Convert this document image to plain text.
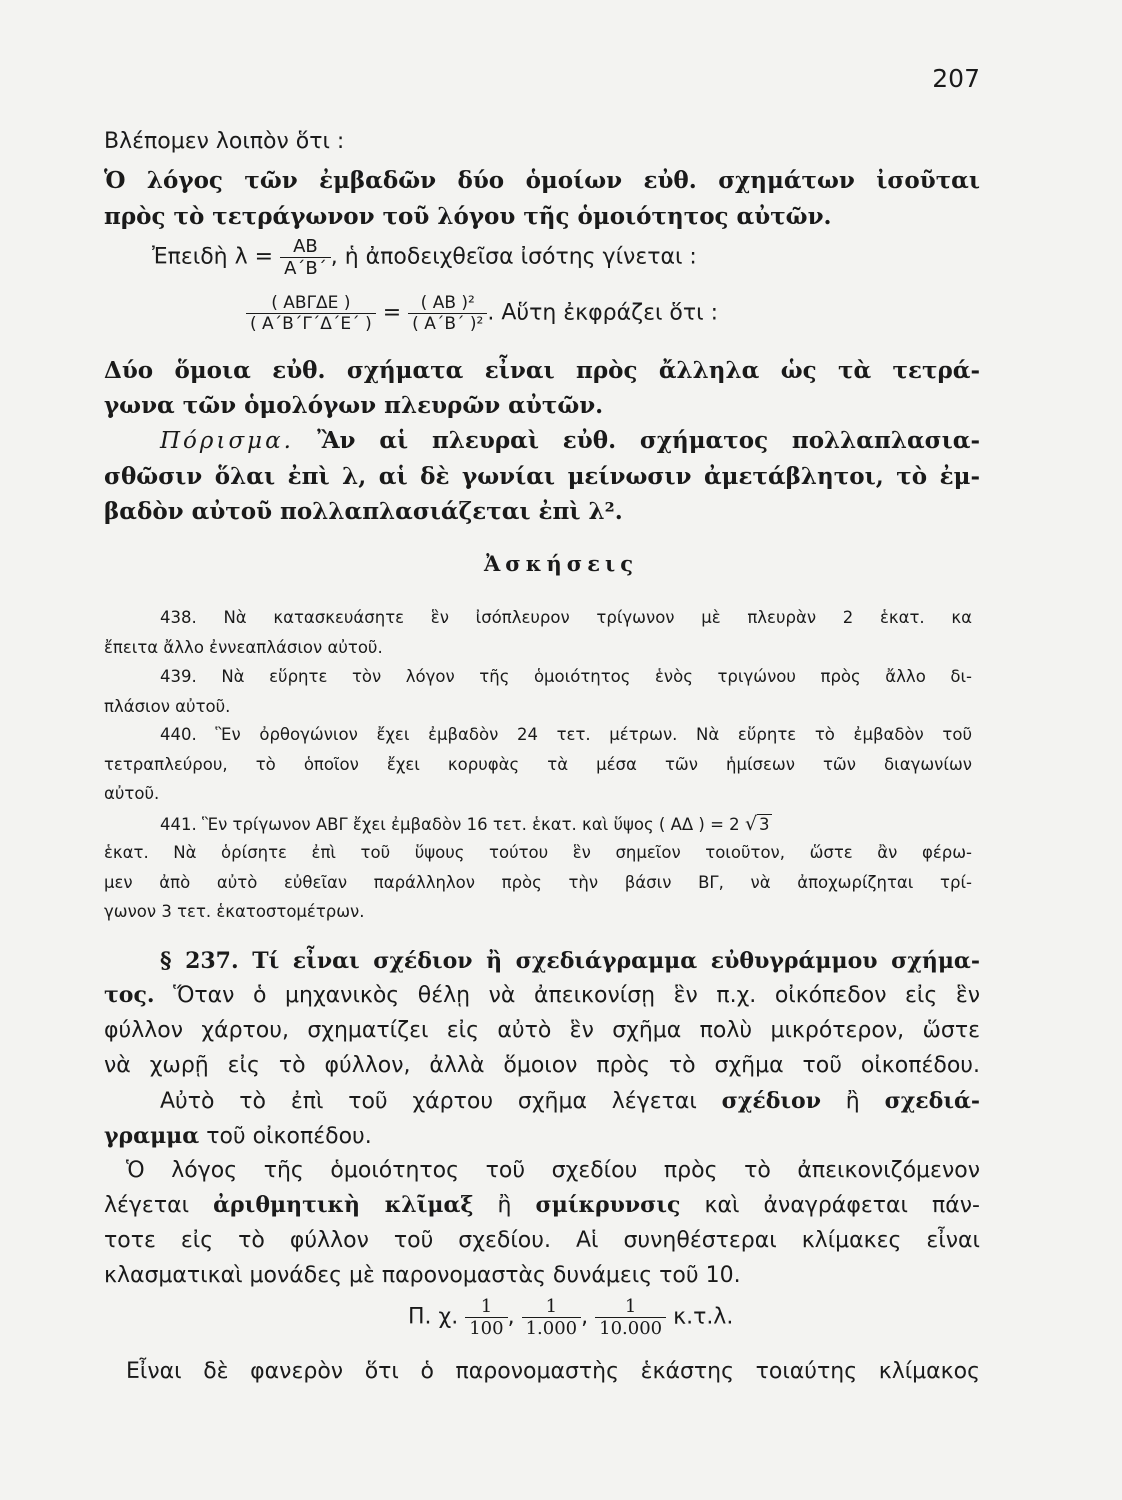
207
Βλέπομεν λοιπὸν ὅτι :
Ὁ λόγος τῶν ἐμβαδῶν δύο ὁμοίων εὐθ. σχημάτων ἰσοῦται
πρὸς τὸ τετράγωνον τοῦ λόγου τῆς ὁμοιότητος αὐτῶν.
Ἐπειδὴ $\lambda = \frac{AB}{A΄B΄}$ , ἡ ἀποδειχθεῖσα ἰσότης γίνεται :
$\frac{\text{( ΑΒΓΔΕ )}}{( A΄B΄\Gamma΄\Delta΄E΄ )} = \frac{\text{( ΑΒ )²}}{\text{( Α΄Β΄ )²}}$ . Αὕτη ἐκφράζει ὅτι :
Δύο ὅμοια εὐθ. σχήματα εἶναι πρὸς ἄλληλα ὡς τὰ τετρά-
γωνα τῶν ὁμολόγων πλευρῶν αὐτῶν.
Πόρισμα. Ἂν αἱ πλευραὶ εὐθ. σχήματος πολλαπλασια-
σθῶσιν ὅλαι ἐπὶ λ, αἱ δὲ γωνίαι μείνωσιν ἀμετάβλητοι, τὸ ἐμ-
βαδὸν αὐτοῦ πολλαπλασιάζεται ἐπὶ λ².
Ἀσκήσεις
438. Νὰ κατασκευάσητε ἓν ἰσόπλευρον τρίγωνον μὲ πλευρὰν 2 ἑκατ. κα
ἔπειτα ἄλλο ἐννεαπλάσιον αὐτοῦ.
439. Νὰ εὕρητε τὸν λόγον τῆς ὁμοιότητος ἑνὸς τριγώνου πρὸς ἄλλο δι-
πλάσιον αὐτοῦ.
440. Ἓν ὀρθογώνιον ἔχει ἐμβαδὸν 24 τετ. μέτρων. Νὰ εὕρητε τὸ ἐμβαδὸν τοῦ
τετραπλεύρου, τὸ ὁποῖον ἔχει κορυφὰς τὰ μέσα τῶν ἡμίσεων τῶν διαγωνίων
αὐτοῦ.
441. Ἓν τρίγωνον ΑΒΓ ἔχει ἐμβαδὸν 16 τετ. ἑκατ. καὶ ὕψος ( ΑΔ ) = 2 √ 3
ἑκατ. Νὰ ὁρίσητε ἐπὶ τοῦ ὕψους τούτου ἓν σημεῖον τοιοῦτον, ὥστε ἂν φέρω-
μεν ἀπὸ αὐτὸ εὐθεῖαν παράλληλον πρὸς τὴν βάσιν ΒΓ, νὰ ἀποχωρίζηται τρί-
γωνον 3 τετ. ἑκατοστομέτρων.
§ 237. Τί εἶναι σχέδιον ἢ σχεδιάγραμμα εὐθυγράμμου σχήμα-
τος. Ὅταν ὁ μηχανικὸς θέλῃ νὰ ἀπεικονίσῃ ἓν π.χ. οἰκόπεδον εἰς ἓν
φύλλον χάρτου, σχηματίζει εἰς αὐτὸ ἓν σχῆμα πολὺ μικρότερον, ὥστε
νὰ χωρῇ εἰς τὸ φύλλον, ἀλλὰ ὅμοιον πρὸς τὸ σχῆμα τοῦ οἰκοπέδου.
Αὐτὸ τὸ ἐπὶ τοῦ χάρτου σχῆμα λέγεται σχέδιον ἢ σχεδιά-
γραμμα τοῦ οἰκοπέδου.
Ὁ λόγος τῆς ὁμοιότητος τοῦ σχεδίου πρὸς τὸ ἀπεικονιζόμενον
λέγεται ἀριθμητικὴ κλῖμαξ ἢ σμίκρυνσις καὶ ἀναγράφεται πάν-
τοτε εἰς τὸ φύλλον τοῦ σχεδίου. Αἱ συνηθέστεραι κλίμακες εἶναι
κλασματικαὶ μονάδες μὲ παρονομαστὰς δυνάμεις τοῦ 10.
Π. χ. $\frac{1}{100}$ , $\frac{1}{1.000}$ , $\frac{1}{10.000} \kappa.\tau.\lambda$.
Εἶναι δὲ φανερὸν ὅτι ὁ παρονομαστὴς ἑκάστης τοιαύτης κλίμακος
